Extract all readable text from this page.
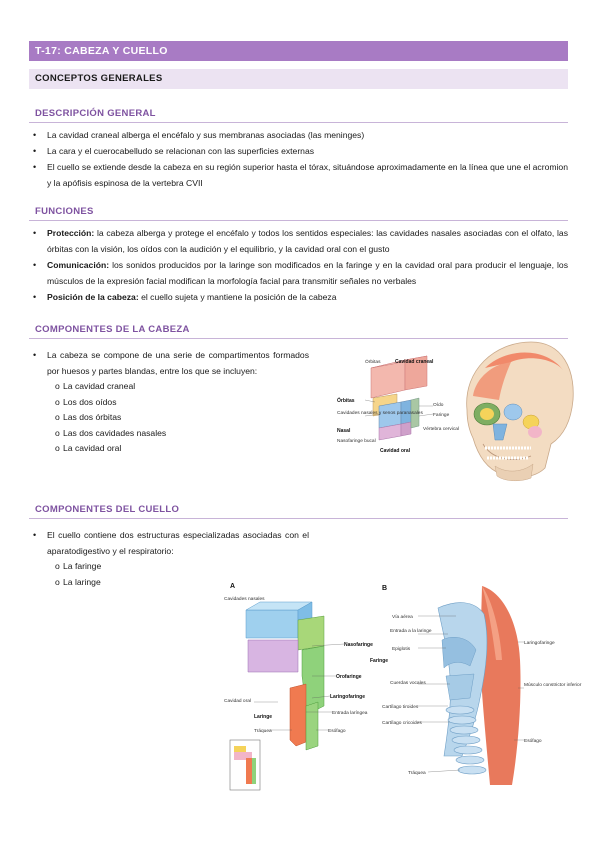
T-17: CABEZA Y CUELLO
CONCEPTOS GENERALES
DESCRIPCIÓN GENERAL
• La cavidad craneal alberga el encéfalo y sus membranas asociadas (las meninges)
• La cara y el cuerocabelludo se relacionan con las superficies externas
• El cuello se extiende desde la cabeza en su región superior hasta el tórax, situándose aproximadamente en la línea que une el acromion y la apófisis espinosa de la vertebra CVII
FUNCIONES
• Protección: la cabeza alberga y protege el encéfalo y todos los sentidos especiales: las cavidades nasales asociadas con el olfato, las órbitas con la visión, los oídos con la audición y el equilibrio, y la cavidad oral con el gusto
• Comunicación: los sonidos producidos por la laringe son modificados en la faringe y en la cavidad oral para producir el lenguaje, los músculos de la expresión facial modifican la morfología facial para transmitir señales no verbales
• Posición de la cabeza: el cuello sujeta y mantiene la posición de la cabeza
COMPONENTES DE LA CABEZA
• La cabeza se compone de una serie de compartimentos formados por huesos y partes blandas, entre los que se incluyen:
o La cavidad craneal
o Los dos oídos
o Las dos órbitas
o Las dos cavidades nasales
o La cavidad oral
Órbitas	Cavidad craneal
Órbitas
Cavidades nasales y senos paranasales
Nasal
Nasofaringe bucal
Oído
Faringe
Vértebra cervical
Cavidad oral
COMPONENTES DEL CUELLO
• El cuello contiene dos estructuras especializadas asociadas con el aparatodigestivo y el respiratorio:
o La faringe
o La laringe	A
Cavidades nasales
Nasofaringe
Faringe
Orofaringe
Cavidad oral
Laringofaringe
Entrada laríngea
Laringe
Tráquea	Esófago
B
Vía aérea
Entrada a la laringe
Epiglotis
Cuerdas vocales
Cartílago tiroides
Cartílago cricoides
Tráquea
Laringofaringe
Músculo constrictor inferior
Esófago
